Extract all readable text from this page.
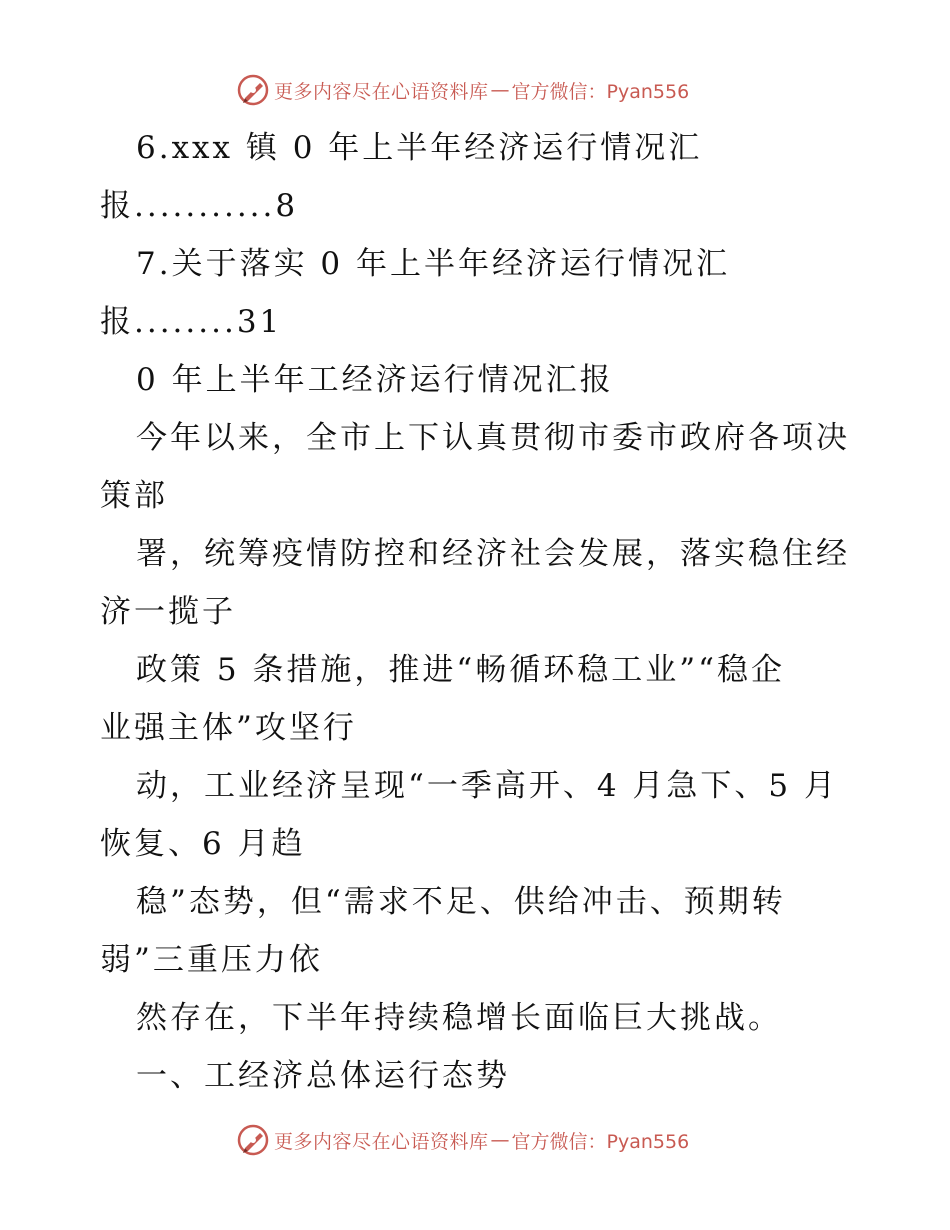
更多内容尽在心语资料库 — 官方微信：Pyan556
6.xxx 镇 0 年上半年经济运行情况汇
报...........8
7.关于落实 0 年上半年经济运行情况汇
报........31
0 年上半年工经济运行情况汇报
今年以来，全市上下认真贯彻市委市政府各项决
策部
署，统筹疫情防控和经济社会发展，落实稳住经
济一揽子
政策 5 条措施，推进“畅循环稳工业”“稳企
业强主体”攻坚行
动，工业经济呈现“一季高开、4 月急下、5 月
恢复、6 月趋
稳”态势，但“需求不足、供给冲击、预期转
弱”三重压力依
然存在，下半年持续稳增长面临巨大挑战。
一、工经济总体运行态势
更多内容尽在心语资料库 — 官方微信：Pyan556
